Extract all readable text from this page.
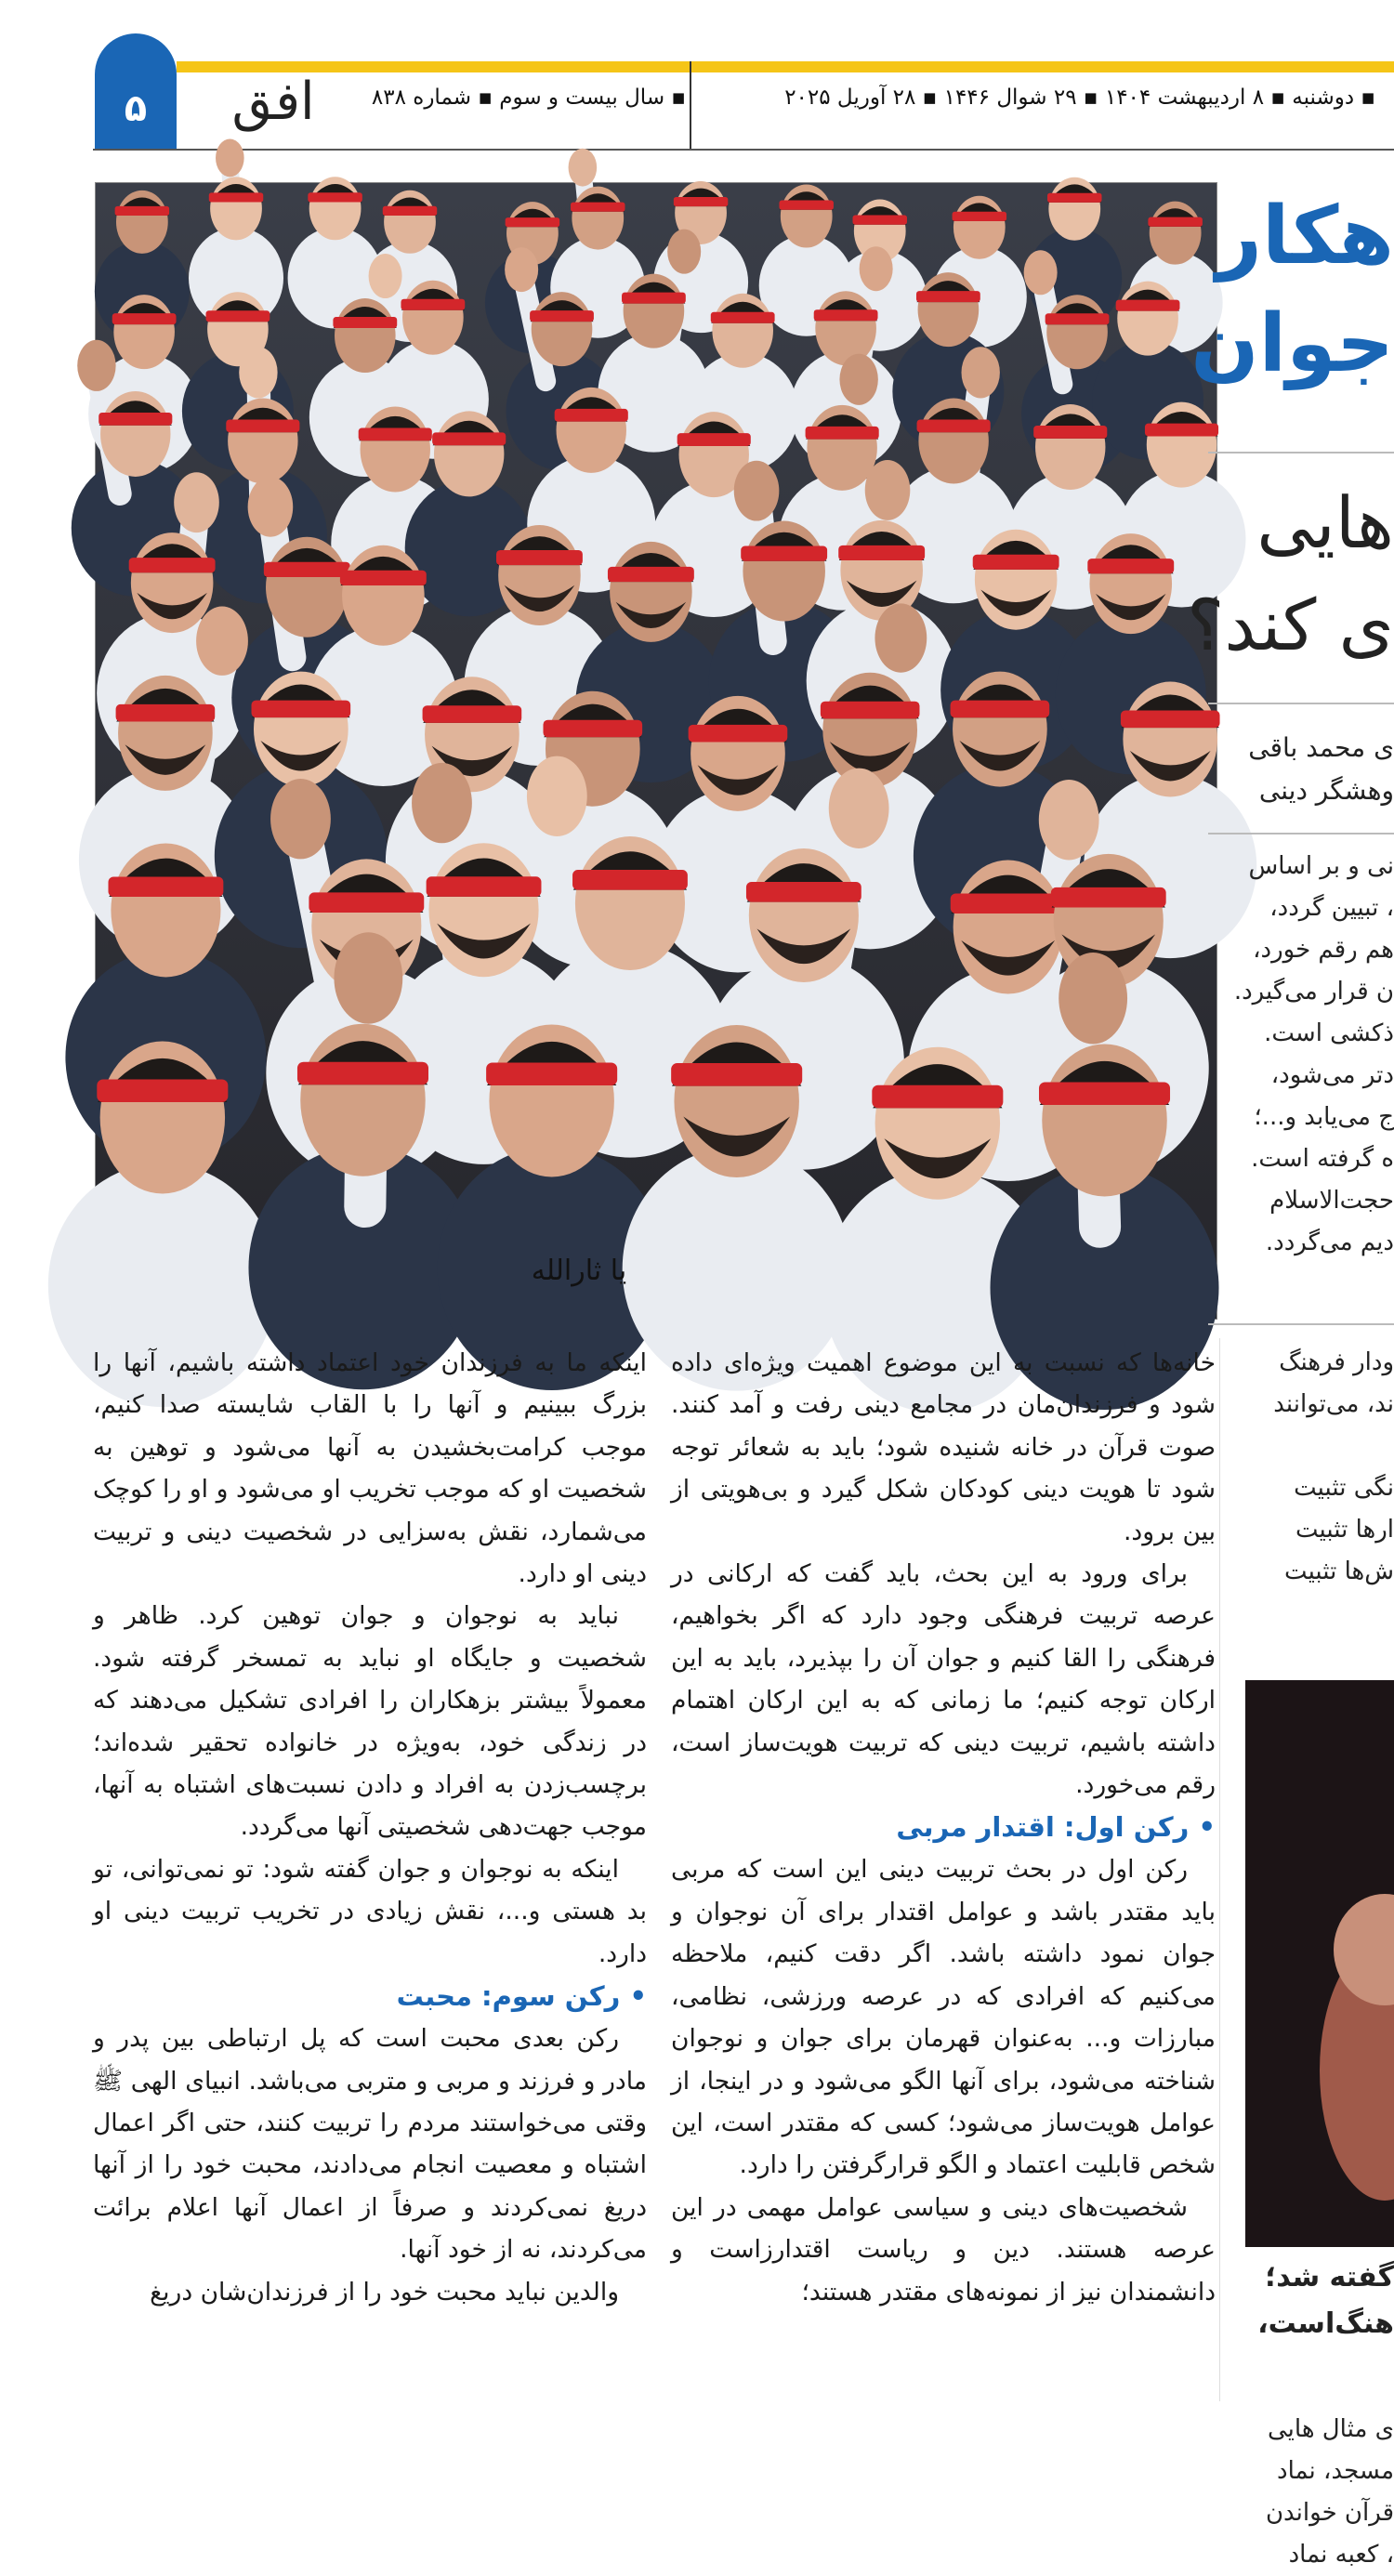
۵	افق	▪ دوشنبه ▪ ۸ اردیبهشت ۱۴۰۴ ▪ ۲۹ شوال ۱۴۴۶ ▪ ۲۸ آوریل ۲۰۲۵
▪ سال بیست و سوم ▪ شماره ۸۳۸
یا ثارالله
هکار
جوان
هایی
ی کند؟
ی محمد باقی
وهشگر دینی
نی و بر اساس
، تبیین گردد،
هم رقم خورد،
ن قرار می‌گیرد.
ذکشی است.
دتر می‌شود،
ج می‌یابد و...؛
ه گرفته است.
حجت‌الاسلام
دیم می‌گردد.
ودار فرهنگ
ند، می‌توانند
نگی تثبیت
ارها تثبیت
ش‌ها تثبیت
گفته شد؛
هنگ‌است،
ی مثال هایی
مسجد، نماد
قرآن خواندن
، کعبه نماد

خانه‌ها که نسبت به این موضوع اهمیت ویژه‌ای داده شود و فرزندان‌مان در مجامع دینی رفت و آمد کنند. صوت قرآن در خانه شنیده شود؛ باید به شعائر توجه شود تا هویت دینی کودکان شکل گیرد و بی‌هویتی از بین برود.

برای ورود به این بحث، باید گفت که ارکانی در عرصه تربیت فرهنگی وجود دارد که اگر بخواهیم، فرهنگی را القا کنیم و جوان آن را بپذیرد، باید به این ارکان توجه کنیم؛ ما زمانی که به این ارکان اهتمام داشته باشیم، تربیت دینی که تربیت هویت‌ساز است، رقم می‌خورد.

• رکن اول: اقتدار مربی

رکن اول در بحث تربیت دینی این است که مربی باید مقتدر باشد و عوامل اقتدار برای آن نوجوان و جوان نمود داشته باشد. اگر دقت کنیم، ملاحظه می‌کنیم که افرادی که در عرصه ورزشی، نظامی، مبارزات و... به‌عنوان قهرمان برای جوان و نوجوان شناخته می‌شود، برای آنها الگو می‌شود و در اینجا، از عوامل هویت‌ساز می‌شود؛ کسی که مقتدر است، این شخص قابلیت اعتماد و الگو قرارگرفتن را دارد.

شخصیت‌های دینی و سیاسی عوامل مهمی در این عرصه هستند. دین و ریاست اقتدارزاست و دانشمندان نیز از نمونه‌های مقتدر هستند؛

اینکه ما به فرزندان خود اعتماد داشته باشیم، آنها را بزرگ ببینیم و آنها را با القاب شایسته صدا کنیم، موجب کرامت‌بخشیدن به آنها می‌شود و توهین به شخصیت او که موجب تخریب او می‌شود و او را کوچک می‌شمارد، نقش به‌سزایی در شخصیت دینی و تربیت دینی او دارد.

نباید به نوجوان و جوان توهین کرد. ظاهر و شخصیت و جایگاه او نباید به تمسخر گرفته شود. معمولاً بیشتر بزهکاران را افرادی تشکیل می‌دهند که در زندگی خود، به‌ویژه در خانواده تحقیر شده‌اند؛ برچسب‌زدن به افراد و دادن نسبت‌های اشتباه به آنها، موجب جهت‌دهی شخصیتی آنها می‌گردد.

اینکه به نوجوان و جوان گفته شود: تو نمی‌توانی، تو بد هستی و...، نقش زیادی در تخریب تربیت دینی او دارد.

• رکن سوم: محبت

رکن بعدی محبت است که پل ارتباطی بین پدر و مادر و فرزند و مربی و متربی می‌باشد. انبیای الهی ﷺ وقتی می‌خواستند مردم را تربیت کنند، حتی اگر اعمال اشتباه و معصیت انجام می‌دادند، محبت خود را از آنها دریغ نمی‌کردند و صرفاً از اعمال آنها اعلام برائت می‌کردند، نه از خود آنها.

والدین نباید محبت خود را از فرزندان‌شان دریغ
